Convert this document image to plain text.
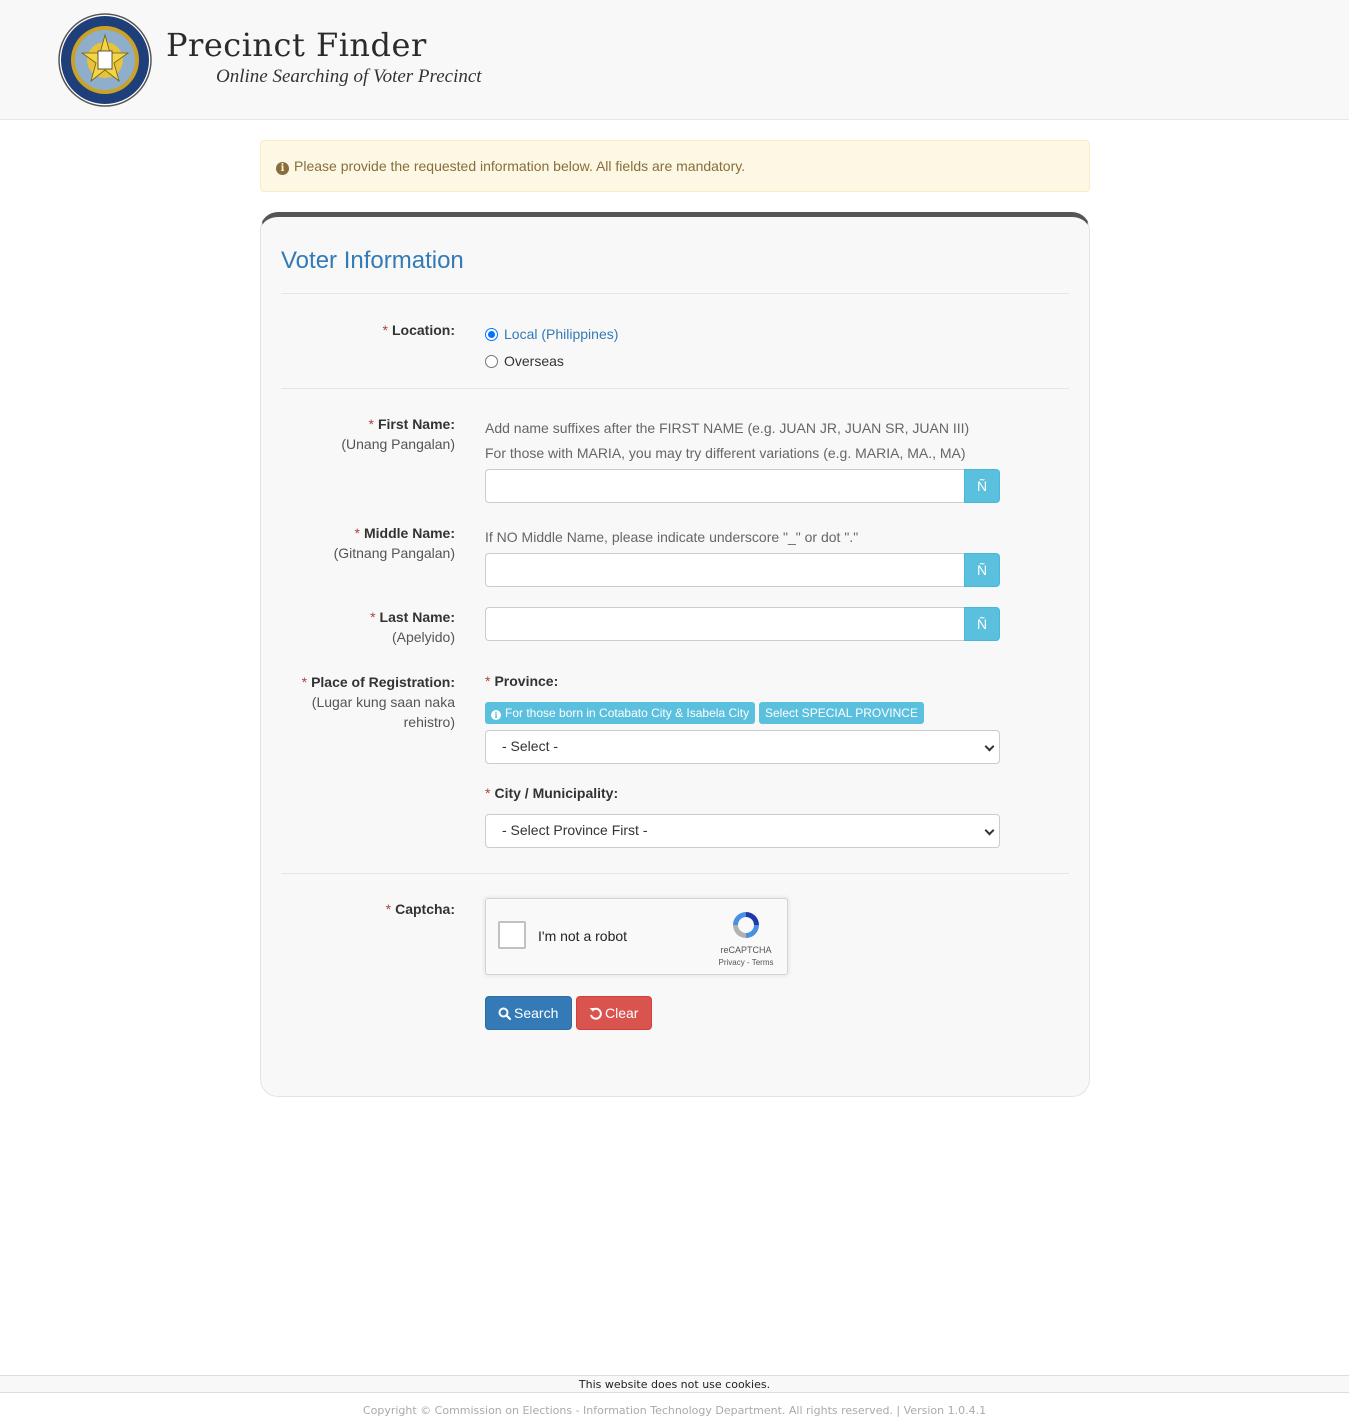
Precinct Finder
Online Searching of Voter Precinct
i Please provide the requested information below. All fields are mandatory.
Voter Information
* Location:	Local (Philippines)
Overseas
* First Name:
(Unang Pangalan)
Add name suffixes after the FIRST NAME (e.g. JUAN JR, JUAN SR, JUAN III)
For those with MARIA, you may try different variations (e.g. MARIA, MA., MA)
Ñ
* Middle Name:
(Gitnang Pangalan)
If NO Middle Name, please indicate underscore "_" or dot "."
Ñ
* Last Name:
(Apelyido)
Ñ
* Place of Registration:
(Lugar kung saan naka rehistro)
* Province:
i For those born in Cotabato City & Isabela City	Select SPECIAL PROVINCE
- Select -
* City / Municipality:
- Select Province First -
* Captcha:
I'm not a robot
reCAPTCHA
Privacy - Terms
Search	Clear
This website does not use cookies.
Copyright © Commission on Elections - Information Technology Department. All rights reserved. | Version 1.0.4.1
